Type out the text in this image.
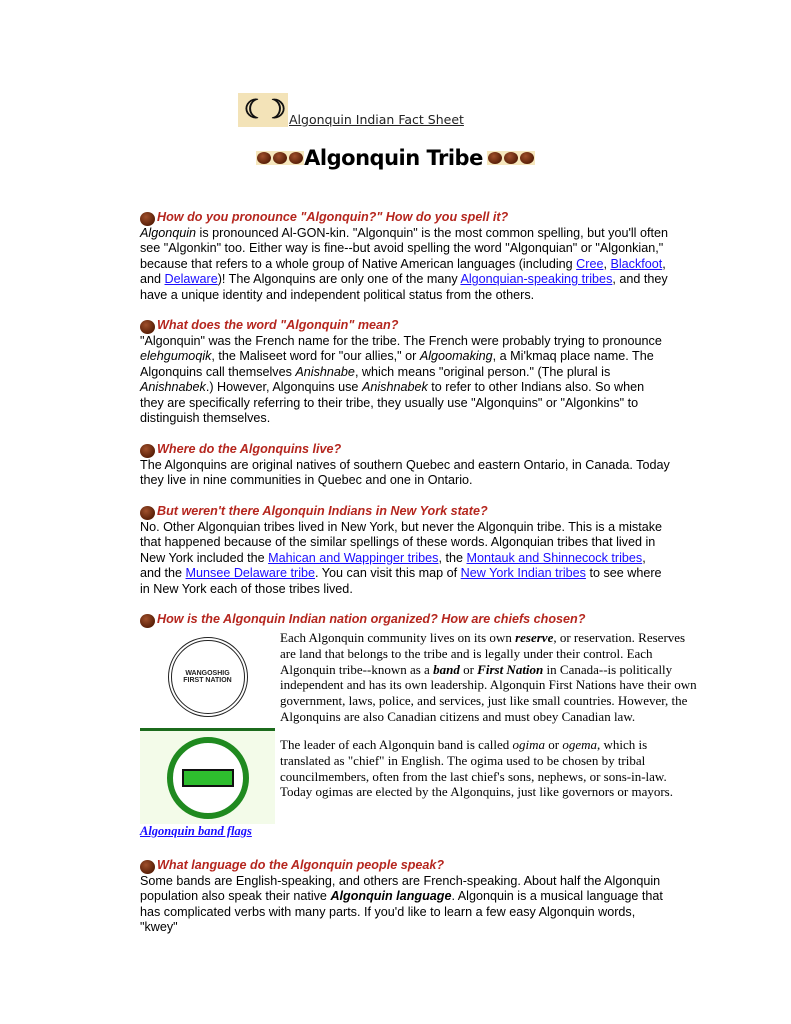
☾☽ Algonquin Indian Fact Sheet
Algonquin Tribe
How do you pronounce "Algonquin?" How do you spell it?
Algonquin is pronounced Al-GON-kin. "Algonquin" is the most common spelling, but you'll often see "Algonkin" too. Either way is fine--but avoid spelling the word "Algonquian" or "Algonkian," because that refers to a whole group of Native American languages (including Cree, Blackfoot, and Delaware)! The Algonquins are only one of the many Algonquian-speaking tribes, and they have a unique identity and independent political status from the others.
What does the word "Algonquin" mean?
"Algonquin" was the French name for the tribe. The French were probably trying to pronounce elehgumoqik, the Maliseet word for "our allies," or Algoomaking, a Mi'kmaq place name. The Algonquins call themselves Anishnabe, which means "original person." (The plural is Anishnabek.) However, Algonquins use Anishnabek to refer to other Indians also. So when they are specifically referring to their tribe, they usually use "Algonquins" or "Algonkins" to distinguish themselves.
Where do the Algonquins live?
The Algonquins are original natives of southern Quebec and eastern Ontario, in Canada. Today they live in nine communities in Quebec and one in Ontario.
But weren't there Algonquin Indians in New York state?
No. Other Algonquian tribes lived in New York, but never the Algonquin tribe. This is a mistake that happened because of the similar spellings of these words. Algonquian tribes that lived in New York included the Mahican and Wappinger tribes, the Montauk and Shinnecock tribes, and the Munsee Delaware tribe. You can visit this map of New York Indian tribes to see where in New York each of those tribes lived.
How is the Algonquin Indian nation organized? How are chiefs chosen?
WANGOSHIG FIRST NATION
Algonquin band flags
Each Algonquin community lives on its own reserve, or reservation. Reserves are land that belongs to the tribe and is legally under their control. Each Algonquin tribe--known as a band or First Nation in Canada--is politically independent and has its own leadership. Algonquin First Nations have their own government, laws, police, and services, just like small countries. However, the Algonquins are also Canadian citizens and must obey Canadian law.
The leader of each Algonquin band is called ogima or ogema, which is translated as "chief" in English. The ogima used to be chosen by tribal councilmembers, often from the last chief's sons, nephews, or sons-in-law. Today ogimas are elected by the Algonquins, just like governors or mayors.
What language do the Algonquin people speak?
Some bands are English-speaking, and others are French-speaking. About half the Algonquin population also speak their native Algonquin language. Algonquin is a musical language that has complicated verbs with many parts. If you'd like to learn a few easy Algonquin words, "kwey"
